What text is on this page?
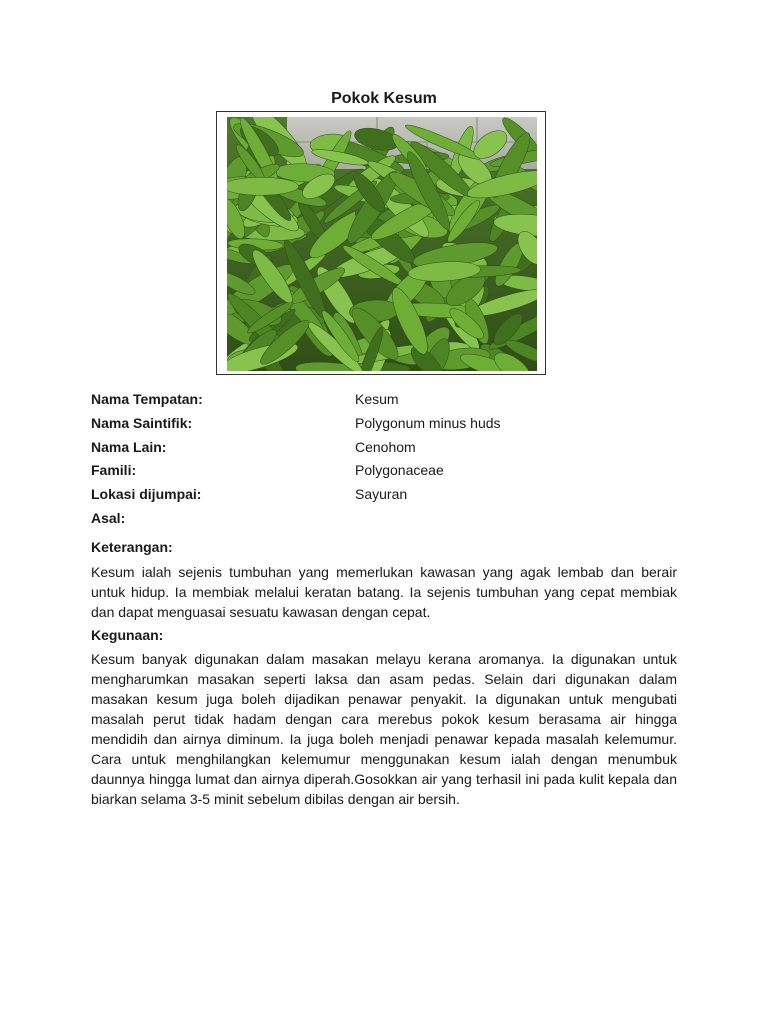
Pokok Kesum
Nama Tempatan:	Kesum
Nama Saintifik:	Polygonum minus huds
Nama Lain:	Cenohom
Famili:	Polygonaceae
Lokasi dijumpai:	Sayuran
Asal:
Keterangan:
Kesum ialah sejenis tumbuhan yang memerlukan kawasan yang agak lembab dan berair untuk hidup. Ia membiak melalui keratan batang. Ia sejenis tumbuhan yang cepat membiak dan dapat menguasai sesuatu kawasan dengan cepat.
Kegunaan:
Kesum banyak digunakan dalam masakan melayu kerana aromanya. Ia digunakan untuk mengharumkan masakan seperti laksa dan asam pedas. Selain dari digunakan dalam masakan kesum juga boleh dijadikan penawar penyakit. Ia digunakan untuk mengubati masalah perut tidak hadam dengan cara merebus pokok kesum berasama air hingga mendidih dan airnya diminum. Ia juga boleh menjadi penawar kepada masalah kelemumur. Cara untuk menghilangkan kelemumur menggunakan kesum ialah dengan menumbuk daunnya hingga lumat dan airnya diperah.Gosokkan air yang terhasil ini pada kulit kepala dan biarkan selama 3-5 minit sebelum dibilas dengan air bersih.
